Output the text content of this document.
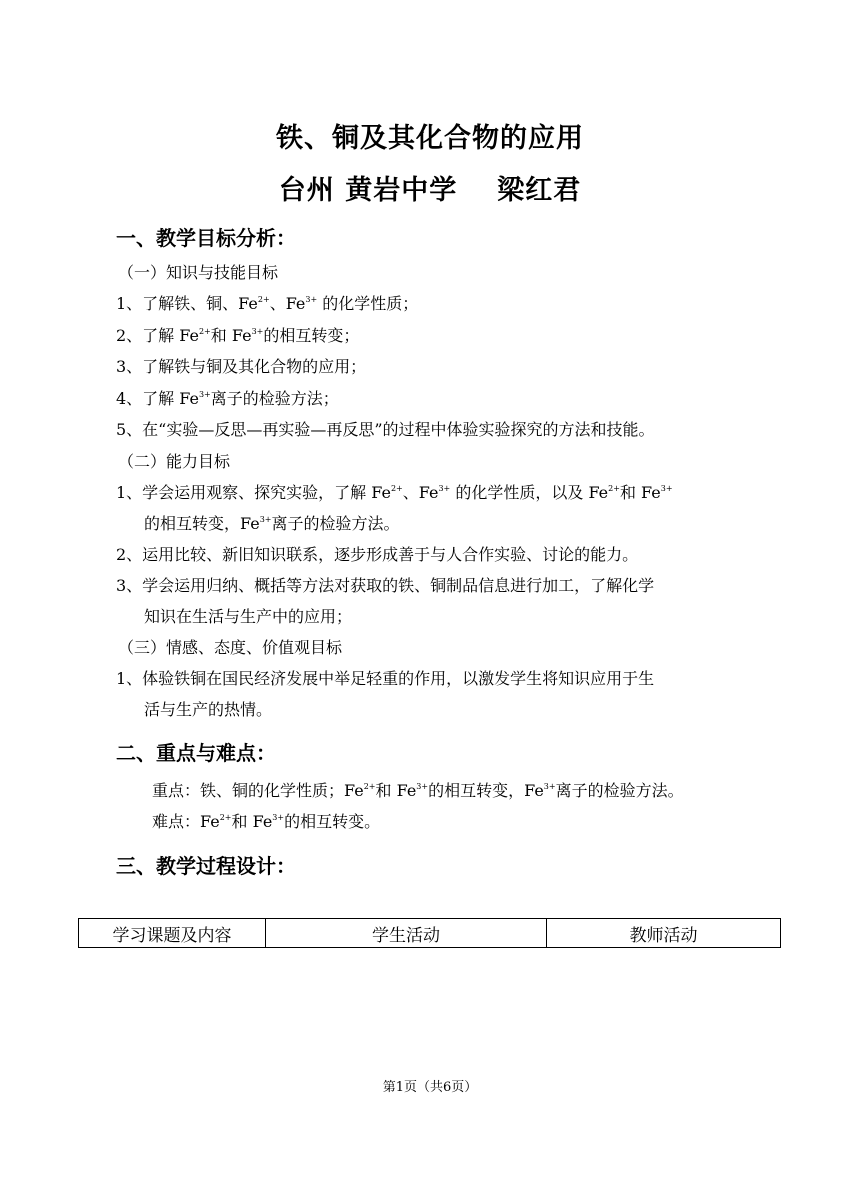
铁、铜及其化合物的应用
台州 黄岩中学 梁红君
一、教学目标分析：
（一）知识与技能目标
1、了解铁、铜、$Fe^{2+}$、$Fe^{3+}$ 的化学性质；
2、了解 $Fe^{2+}$和 $Fe^{3+}$的相互转变；
3、了解铁与铜及其化合物的应用；
4、了解 $Fe^{3+}$离子的检验方法；
5、在“实验—反思—再实验—再反思”的过程中体验实验探究的方法和技能。
（二）能力目标
1、学会运用观察、探究实验，了解 $Fe^{2+}$、$Fe^{3+}$ 的化学性质，以及 $Fe^{2+}$和 $Fe^{3+}$
的相互转变，$Fe^{3+}$离子的检验方法。
2、运用比较、新旧知识联系，逐步形成善于与人合作实验、讨论的能力。
3、学会运用归纳、概括等方法对获取的铁、铜制品信息进行加工，了解化学
知识在生活与生产中的应用；
（三）情感、态度、价值观目标
1、体验铁铜在国民经济发展中举足轻重的作用，以激发学生将知识应用于生
活与生产的热情。
二、重点与难点：
重点：铁、铜的化学性质；$Fe^{2+}$和 $Fe^{3+}$的相互转变，$Fe^{3+}$离子的检验方法。
难点：$Fe^{2+}$和 $Fe^{3+}$的相互转变。
三、教学过程设计：
学习课题及内容	学生活动	教师活动
第1页（共6页）
